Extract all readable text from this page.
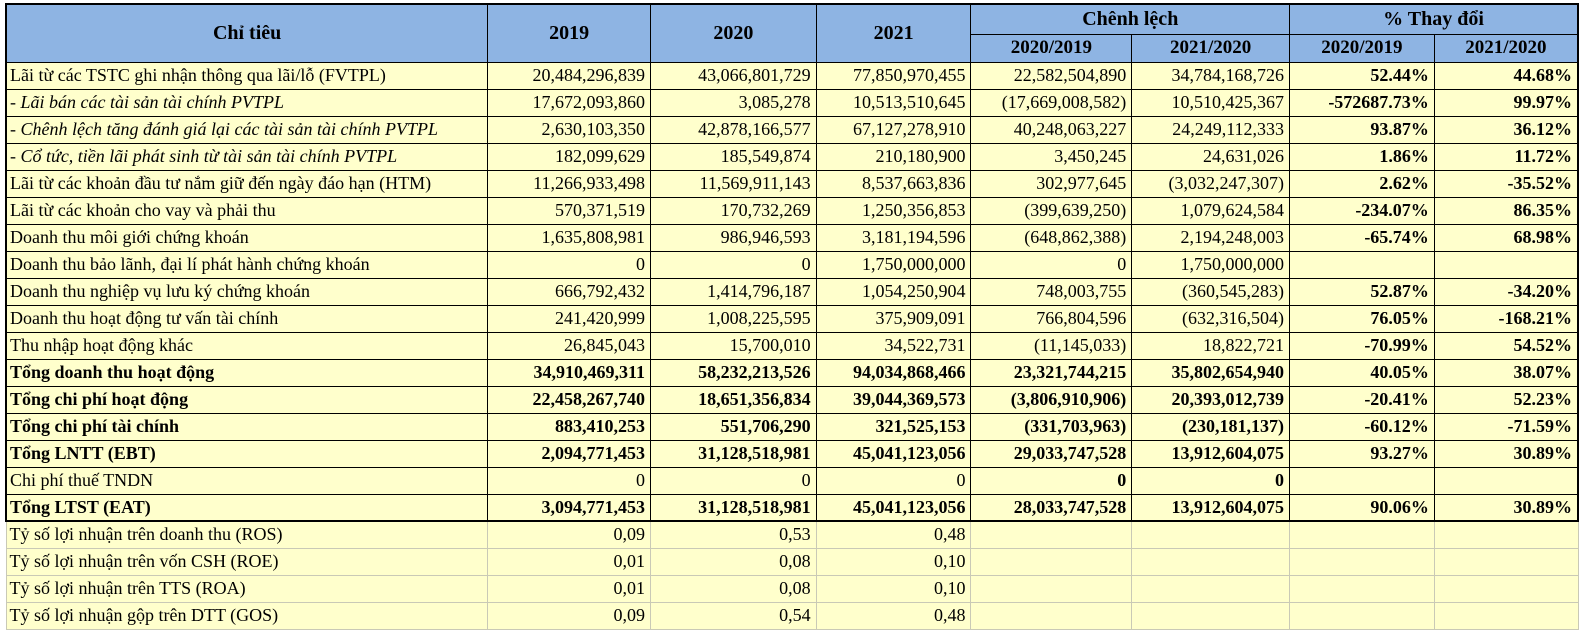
Chỉ tiêu	2019	2020	2021	Chênh lệch		% Thay đổi	
				2020/2019	2021/2020	2020/2019	2021/2020
Lãi từ các TSTC ghi nhận thông qua lãi/lỗ (FVTPL)	20,484,296,839	43,066,801,729	77,850,970,455	22,582,504,890	34,784,168,726	52.44%	44.68%
- Lãi bán các tài sản tài chính PVTPL	17,672,093,860	3,085,278	10,513,510,645	(17,669,008,582)	10,510,425,367	-572687.73%	99.97%
- Chênh lệch tăng đánh giá lại các tài sản tài chính PVTPL	2,630,103,350	42,878,166,577	67,127,278,910	40,248,063,227	24,249,112,333	93.87%	36.12%
- Cổ tức, tiền lãi phát sinh từ tài sản tài chính PVTPL	182,099,629	185,549,874	210,180,900	3,450,245	24,631,026	1.86%	11.72%
Lãi từ các khoản đầu tư nắm giữ đến ngày đáo hạn (HTM)	11,266,933,498	11,569,911,143	8,537,663,836	302,977,645	(3,032,247,307)	2.62%	-35.52%
Lãi từ các khoản cho vay và phải thu	570,371,519	170,732,269	1,250,356,853	(399,639,250)	1,079,624,584	-234.07%	86.35%
Doanh thu môi giới chứng khoán	1,635,808,981	986,946,593	3,181,194,596	(648,862,388)	2,194,248,003	-65.74%	68.98%
Doanh thu bảo lãnh, đại lí phát hành chứng khoán	0	0	1,750,000,000	0	1,750,000,000		
Doanh thu nghiệp vụ lưu ký chứng khoán	666,792,432	1,414,796,187	1,054,250,904	748,003,755	(360,545,283)	52.87%	-34.20%
Doanh thu hoạt động tư vấn tài chính	241,420,999	1,008,225,595	375,909,091	766,804,596	(632,316,504)	76.05%	-168.21%
Thu nhập hoạt động khác	26,845,043	15,700,010	34,522,731	(11,145,033)	18,822,721	-70.99%	54.52%
Tổng doanh thu hoạt động	34,910,469,311	58,232,213,526	94,034,868,466	23,321,744,215	35,802,654,940	40.05%	38.07%
Tổng chi phí hoạt động	22,458,267,740	18,651,356,834	39,044,369,573	(3,806,910,906)	20,393,012,739	-20.41%	52.23%
Tổng chi phí tài chính	883,410,253	551,706,290	321,525,153	(331,703,963)	(230,181,137)	-60.12%	-71.59%
Tổng LNTT (EBT)	2,094,771,453	31,128,518,981	45,041,123,056	29,033,747,528	13,912,604,075	93.27%	30.89%
Chi phí thuế TNDN	0	0	0	0	0		
Tổng LTST (EAT)	3,094,771,453	31,128,518,981	45,041,123,056	28,033,747,528	13,912,604,075	90.06%	30.89%
Tỷ số lợi nhuận trên doanh thu (ROS)	0,09	0,53	0,48				
Tỷ số lợi nhuận trên vốn CSH (ROE)	0,01	0,08	0,10				
Tỷ số lợi nhuận trên TTS (ROA)	0,01	0,08	0,10				
Tỷ số lợi nhuận gộp trên DTT (GOS)	0,09	0,54	0,48				
